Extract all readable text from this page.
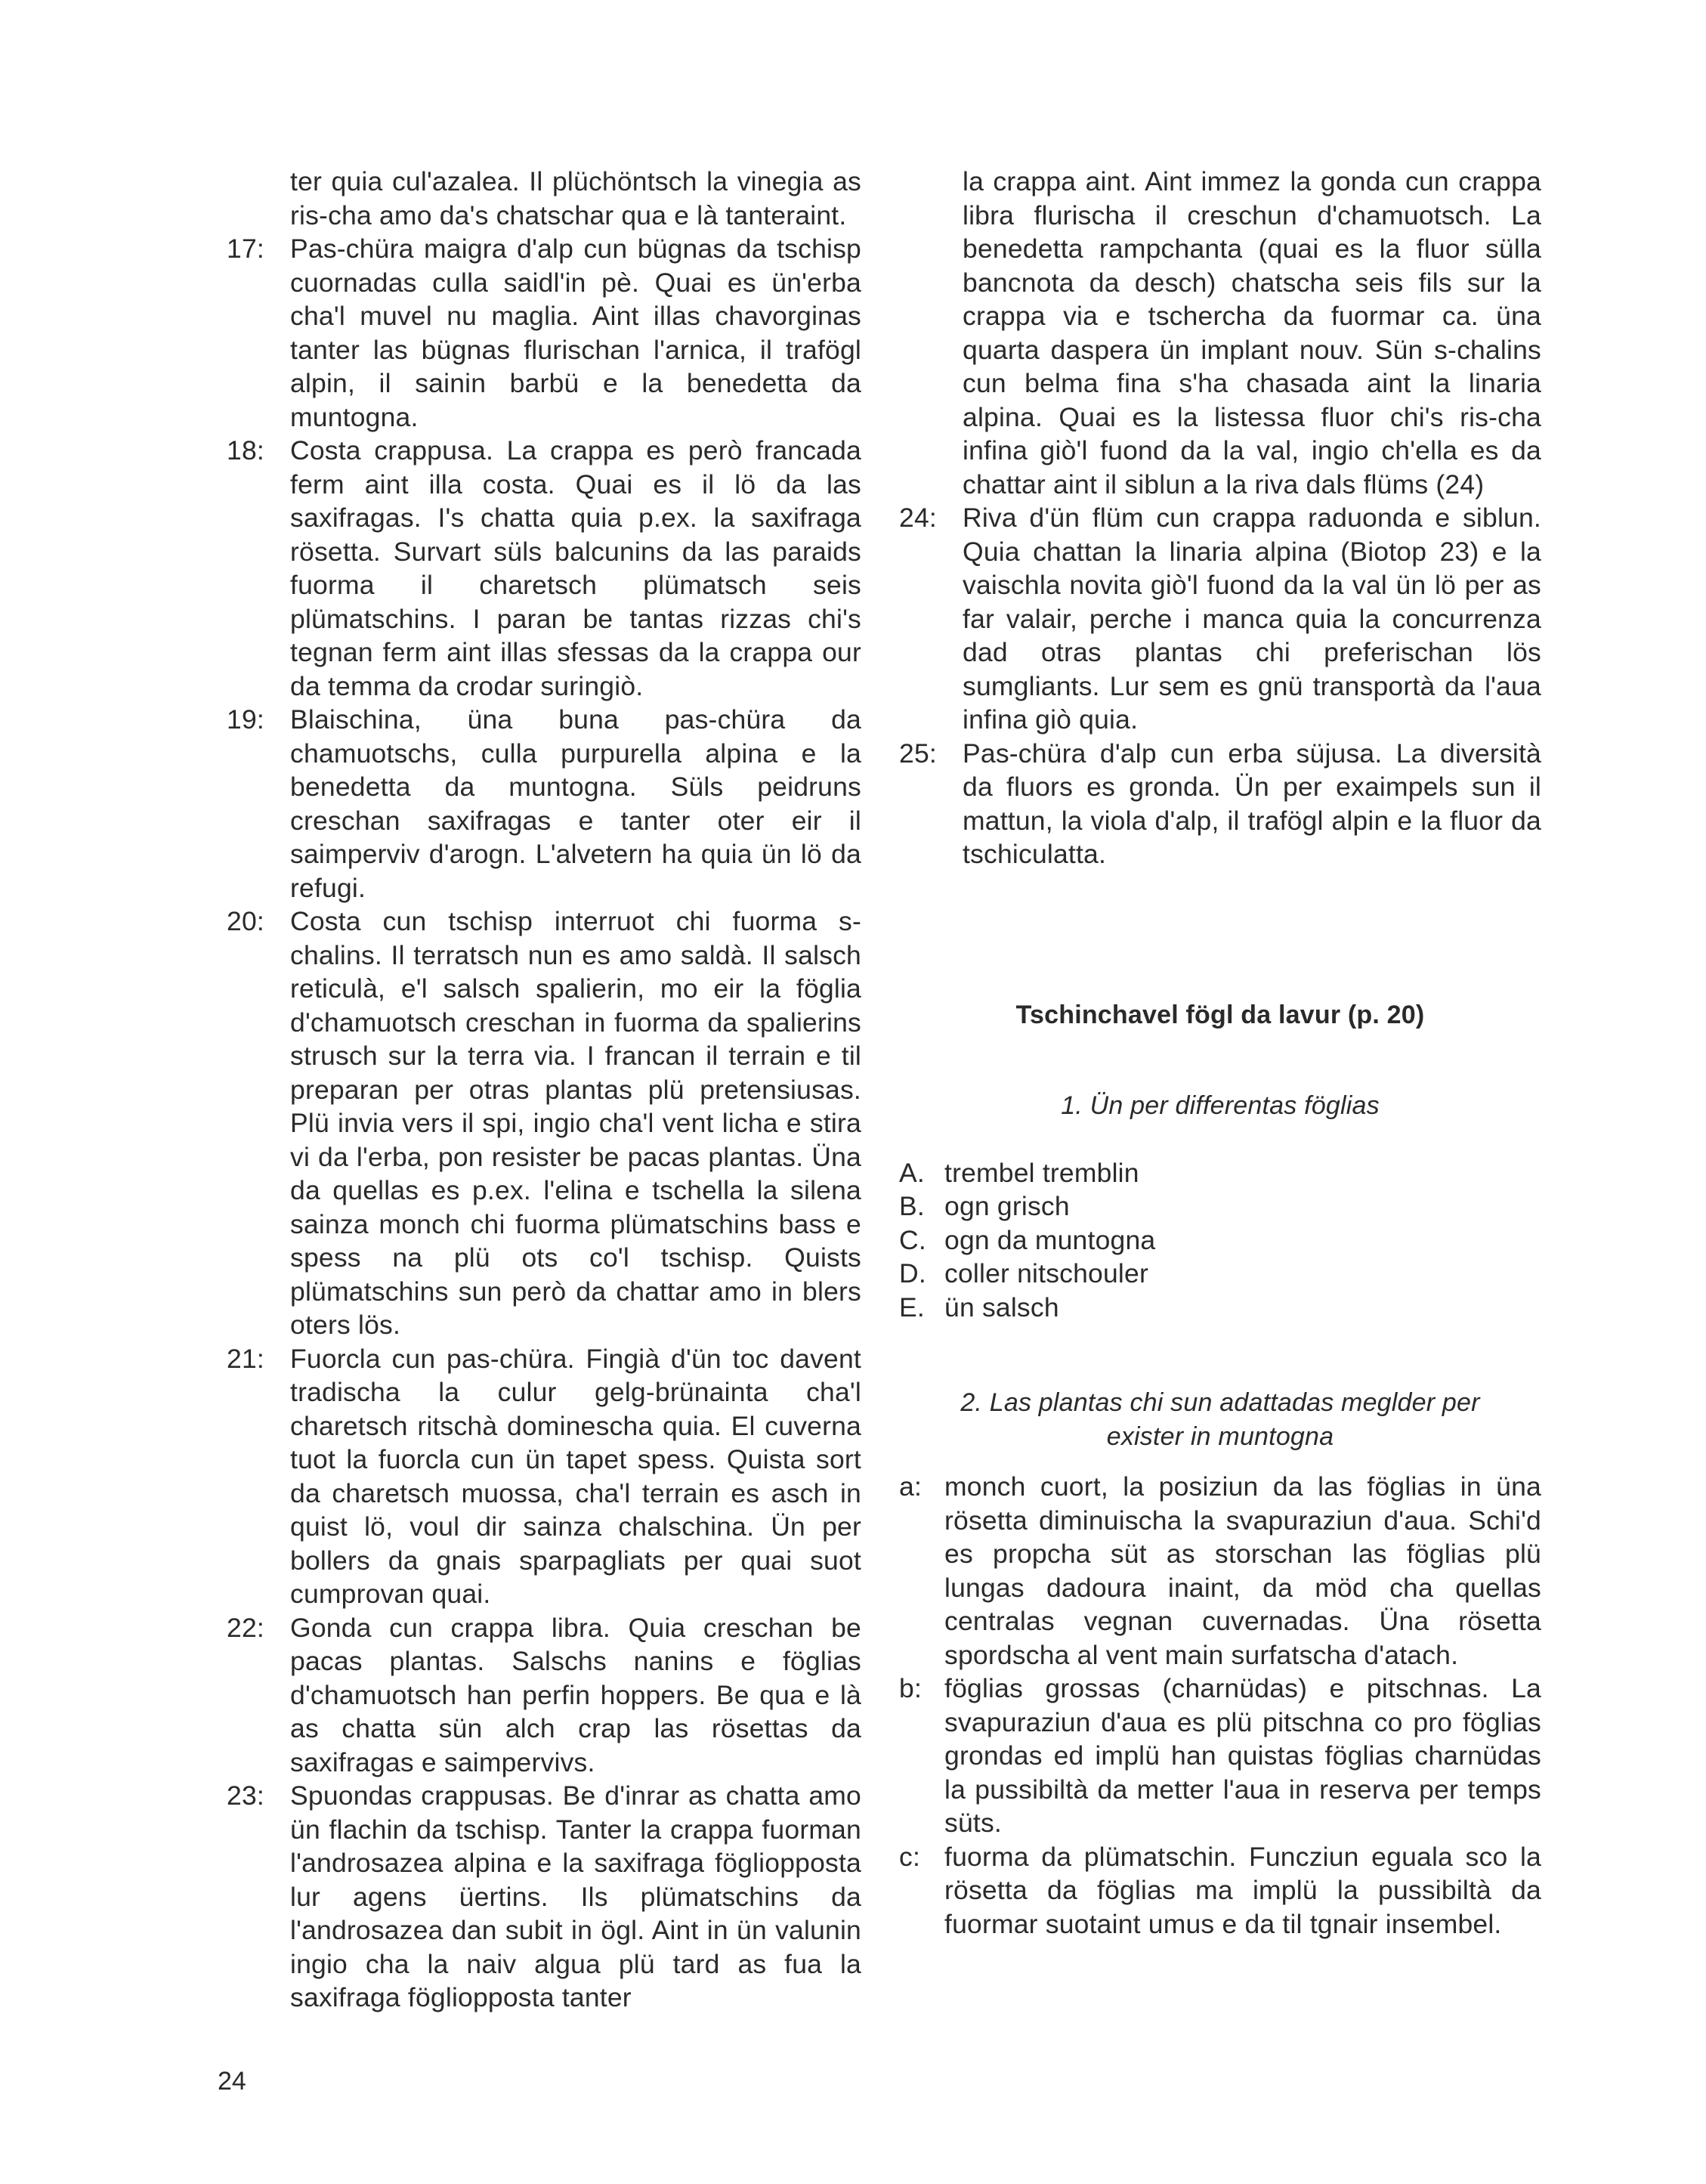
ter quia cul'azalea. Il plüchöntsch la vinegia as ris-cha amo da's chatschar qua e là tanteraint.
17: Pas-chüra maigra d'alp cun bügnas da tschisp cuornadas culla saidl'in pè. Quai es ün'erba cha'l muvel nu maglia. Aint illas chavorginas tanter las bügnas flurischan l'arnica, il trafögl alpin, il sainin barbü e la benedetta da muntogna.
18: Costa crappusa. La crappa es però francada ferm aint illa costa. Quai es il lö da las saxifragas. I's chatta quia p.ex. la saxifraga rösetta. Survart süls balcunins da las paraids fuorma il charetsch plümatsch seis plümatschins. I paran be tantas rizzas chi's tegnan ferm aint illas sfessas da la crappa our da temma da crodar suringiò.
19: Blaischina, üna buna pas-chüra da chamuotschs, culla purpurella alpina e la benedetta da muntogna. Süls peidruns creschan saxifragas e tanter oter eir il saimperviv d'arogn. L'alvetern ha quia ün lö da refugi.
20: Costa cun tschisp interruot chi fuorma s-chalins. Il terratsch nun es amo saldà. Il salsch reticulà, e'l salsch spalierin, mo eir la föglia d'chamuotsch creschan in fuorma da spalierins strusch sur la terra via. I francan il terrain e til preparan per otras plantas plü pretensiusas. Plü invia vers il spi, ingio cha'l vent licha e stira vi da l'erba, pon resister be pacas plantas. Üna da quellas es p.ex. l'elina e tschella la silena sainza monch chi fuorma plümatschins bass e spess na plü ots co'l tschisp. Quists plümatschins sun però da chattar amo in blers oters lös.
21: Fuorcla cun pas-chüra. Fingià d'ün toc davent tradischa la culur gelg-brünainta cha'l charetsch ritschà dominescha quia. El cuverna tuot la fuorcla cun ün tapet spess. Quista sort da charetsch muossa, cha'l terrain es asch in quist lö, voul dir sainza chalschina. Ün per bollers da gnais sparpagliats per quai suot cumprovan quai.
22: Gonda cun crappa libra. Quia creschan be pacas plantas. Salschs nanins e föglias d'chamuotsch han perfin hoppers. Be qua e là as chatta sün alch crap las rösettas da saxifragas e saimpervivs.
23: Spuondas crappusas. Be d'inrar as chatta amo ün flachin da tschisp. Tanter la crappa fuorman l'androsazea alpina e la saxifraga fögliopposta lur agens üertins. Ils plümatschins da l'androsazea dan subit in ögl. Aint in ün valunin ingio cha la naiv algua plü tard as fua la saxifraga fögliopposta tanter
la crappa aint. Aint immez la gonda cun crappa libra flurischa il creschun d'chamuotsch. La benedetta rampchanta (quai es la fluor sülla bancnota da desch) chatscha seis fils sur la crappa via e tschercha da fuormar ca. üna quarta daspera ün implant nouv. Sün s-chalins cun belma fina s'ha chasada aint la linaria alpina. Quai es la listessa fluor chi's ris-cha infina giò'l fuond da la val, ingio ch'ella es da chattar aint il siblun a la riva dals flüms (24)
24: Riva d'ün flüm cun crappa raduonda e siblun. Quia chattan la linaria alpina (Biotop 23) e la vaischla novita giò'l fuond da la val ün lö per as far valair, perche i manca quia la concurrenza dad otras plantas chi preferischan lös sumgliants. Lur sem es gnü transportà da l'aua infina giò quia.
25: Pas-chüra d'alp cun erba süjusa. La diversità da fluors es gronda. Ün per exaimpels sun il mattun, la viola d'alp, il trafögl alpin e la fluor da tschiculatta.
Tschinchavel fögl da lavur (p. 20)
1. Ün per differentas föglias
A. trembel tremblin
B. ogn grisch
C. ogn da muntogna
D. coller nitschouler
E. ün salsch
2. Las plantas chi sun adattadas meglder per
exister in muntogna
a: monch cuort, la posiziun da las föglias in üna rösetta diminuischa la svapuraziun d'aua. Schi'd es propcha süt as storschan las föglias plü lungas dadoura inaint, da möd cha quellas centralas vegnan cuvernadas. Üna rösetta spordscha al vent main surfatscha d'atach.
b: föglias grossas (charnüdas) e pitschnas. La svapuraziun d'aua es plü pitschna co pro föglias grondas ed implü han quistas föglias charnüdas la pussibiltà da metter l'aua in reserva per temps süts.
c: fuorma da plümatschin. Funcziun eguala sco la rösetta da föglias ma implü la pussibiltà da fuormar suotaint umus e da til tgnair insembel.
24
